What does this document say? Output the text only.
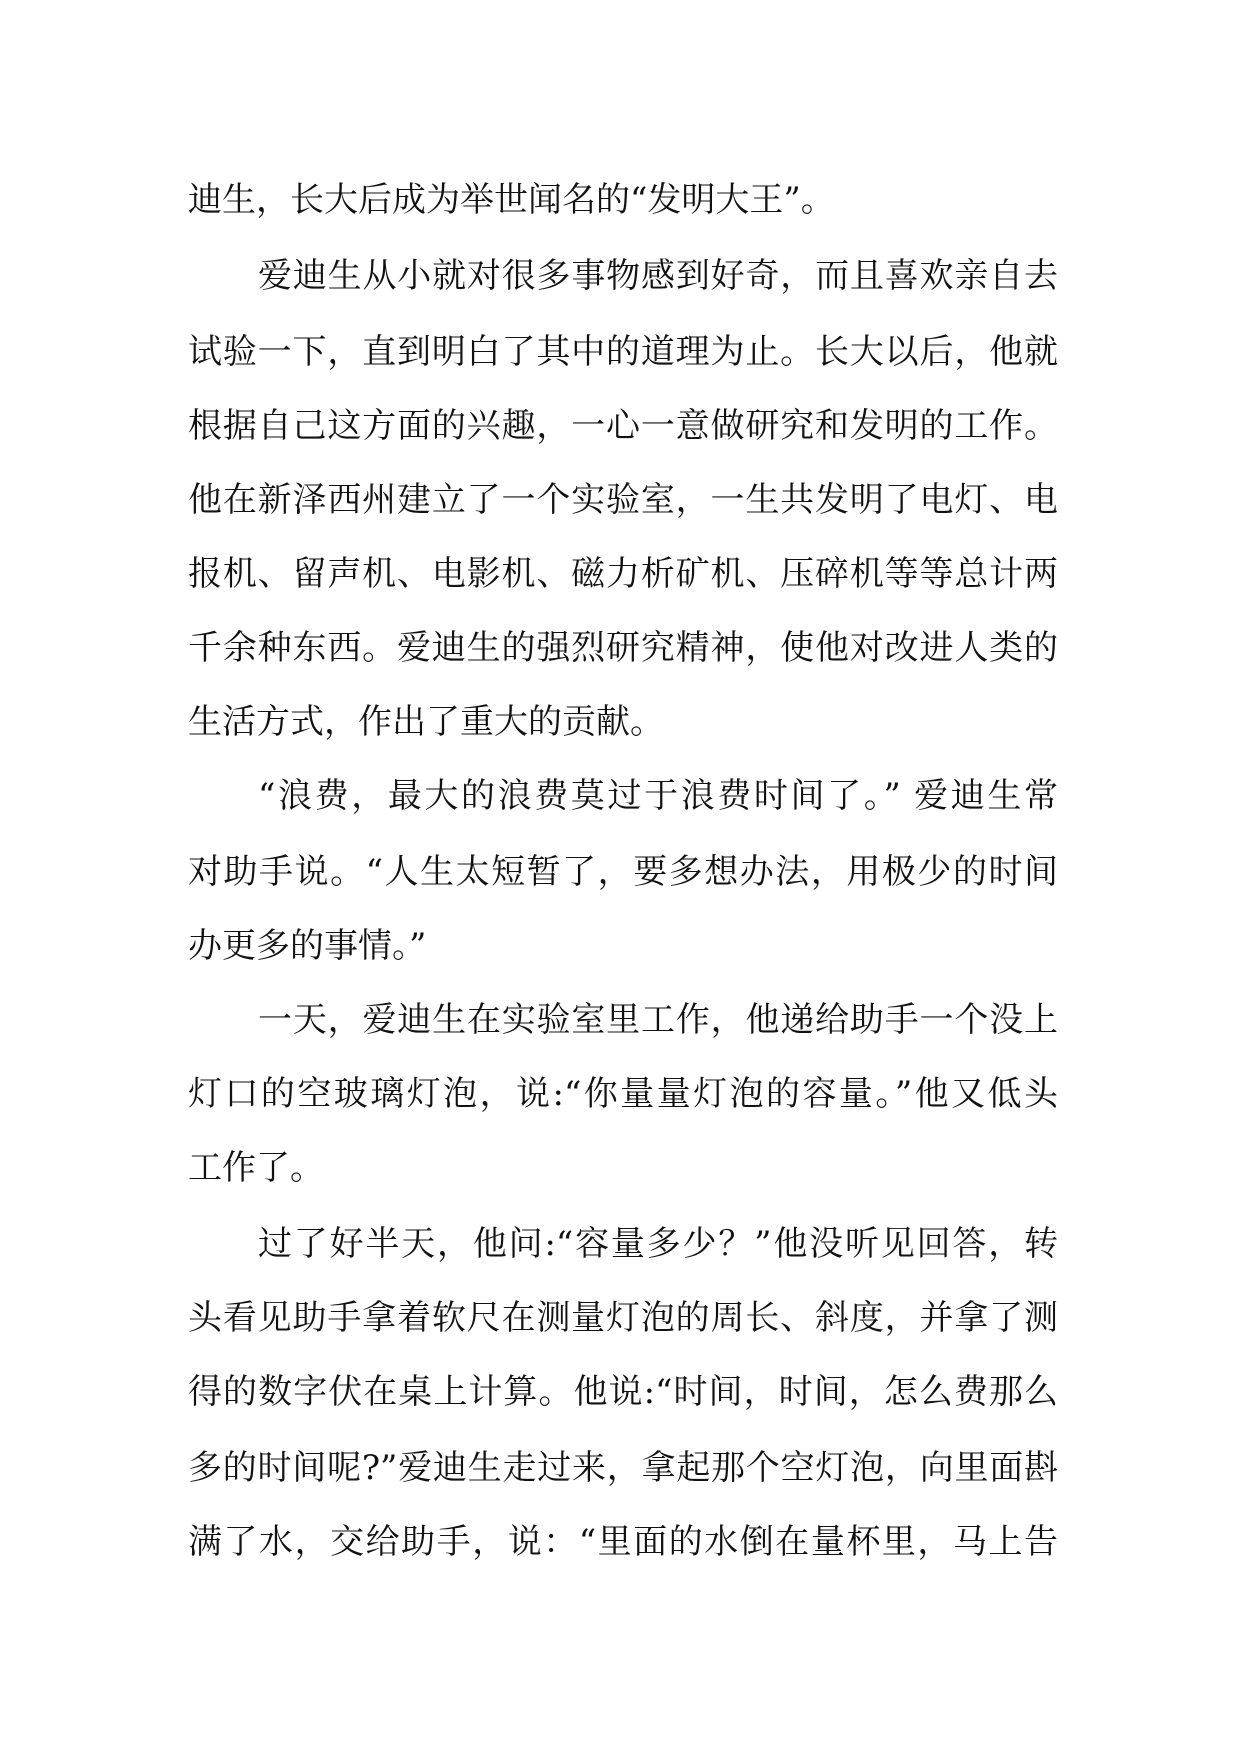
迪生，长大后成为举世闻名的“发明大王”。

爱迪生从小就对很多事物感到好奇，而且喜欢亲自去

试验一下，直到明白了其中的道理为止。长大以后，他就

根据自己这方面的兴趣，一心一意做研究和发明的工作。

他在新泽西州建立了一个实验室，一生共发明了电灯、电

报机、留声机、电影机、磁力析矿机、压碎机等等总计两

千余种东西。爱迪生的强烈研究精神，使他对改进人类的

生活方式，作出了重大的贡献。

“浪费，最大的浪费莫过于浪费时间了。” 爱迪生常

对助手说。“人生太短暂了，要多想办法，用极少的时间

办更多的事情。”

一天，爱迪生在实验室里工作，他递给助手一个没上

灯口的空玻璃灯泡，说:“你量量灯泡的容量。”他又低头

工作了。

过了好半天，他问:“容量多少？”他没听见回答，转

头看见助手拿着软尺在测量灯泡的周长、斜度，并拿了测

得的数字伏在桌上计算。他说:“时间，时间，怎么费那么

多的时间呢?”爱迪生走过来，拿起那个空灯泡，向里面斟

满了水，交给助手，说：“里面的水倒在量杯里，马上告
